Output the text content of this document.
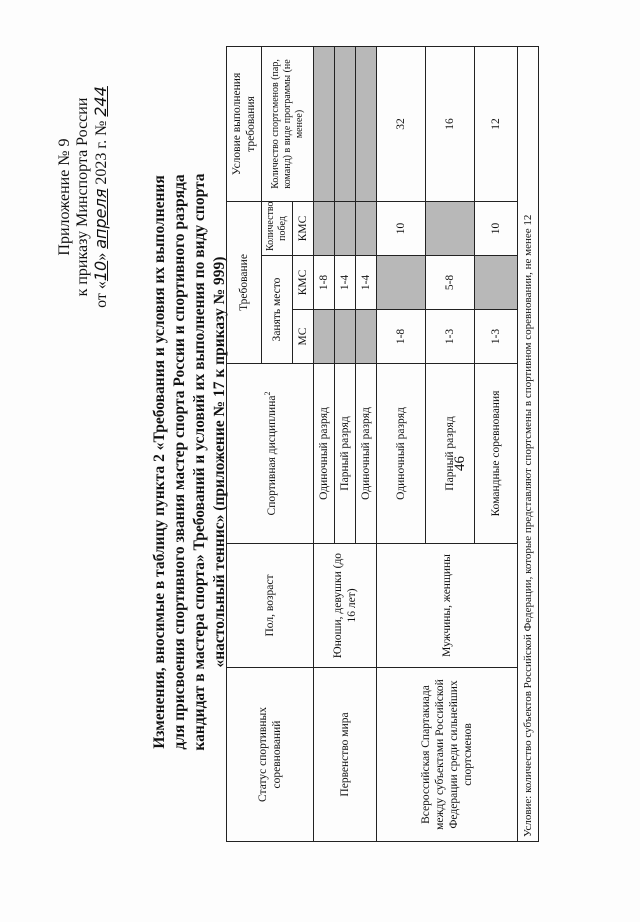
46
Приложение № 9 к приказу Минспорта России от «10» апреля 2023 г. № 244
Изменения, вносимые в таблицу пункта 2 «Требования и условия их выполнения для присвоения спортивного звания мастер спорта России и спортивного разряда кандидат в мастера спорта» Требований и условий их выполнения по виду спорта «настольный теннис» (приложение № 17 к приказу № 999)
Статус спортивных соревнований	Пол, возраст	Спортивная дисциплина$^2$	Требование			Условие выполнения требования
			Занять место		Количество побед	Количество спортсменов (пар, команд) в виде программы (не менее)
			МС	КМС	КМС	
Первенство мира	Юноши, девушки (до 16 лет)	Одиночный разряд		1-8		
		Парный разряд		1-4		
		Одиночный разряд		1-4		
Всероссийская Спартакиада между субъектами Российской Федерации среди сильнейших спортсменов	Мужчины, женщины	Одиночный разряд	1-8		10	32
		Парный разряд	1-3	5-8		16
		Командные соревнования	1-3		10	12
Условие: количество субъектов Российской Федерации, которые представляют спортсмены в спортивном соревновании, не менее 12						
